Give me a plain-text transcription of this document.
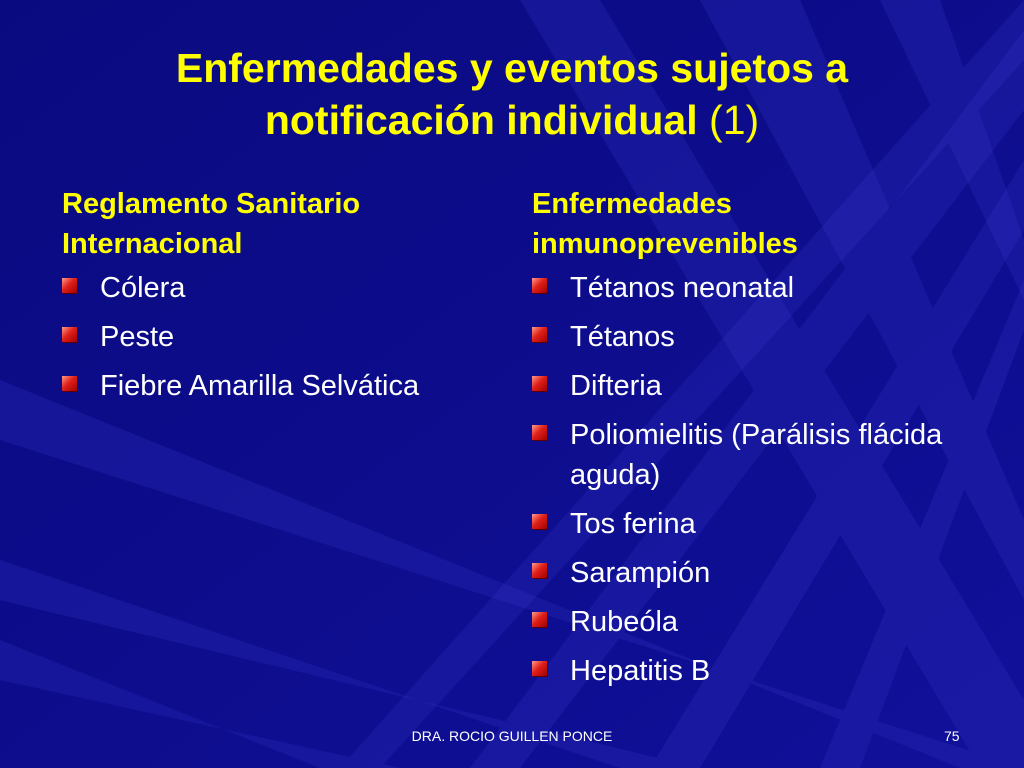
Enfermedades y eventos sujetos a notificación individual (1)
Reglamento Sanitario Internacional
Cólera
Peste
Fiebre Amarilla Selvática
Enfermedades inmunoprevenibles
Tétanos neonatal
Tétanos
Difteria
Poliomielitis (Parálisis flácida aguda)
Tos ferina
Sarampión
Rubeóla
Hepatitis B
DRA. ROCIO GUILLEN PONCE	75
